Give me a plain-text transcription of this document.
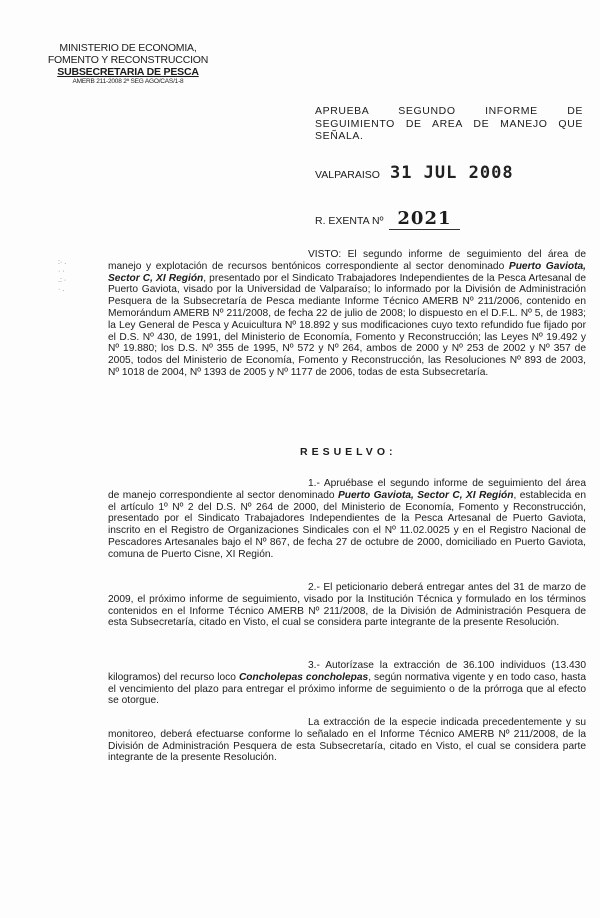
MINISTERIO DE ECONOMIA,
FOMENTO Y RECONSTRUCCION
SUBSECRETARIA DE PESCA
AMERB 211-2008 2ª SEG AGO/CAS/1-8
APRUEBA SEGUNDO INFORME DE SEGUIMIENTO DE AREA DE MANEJO QUE SEÑALA.
VALPARAISO 31 JUL 2008
R. EXENTA Nº 2021
:· .
· ·
.: ·
· .
VISTO: El segundo informe de seguimiento del área de manejo y explotación de recursos bentónicos correspondiente al sector denominado Puerto Gaviota, Sector C, XI Región, presentado por el Sindicato Trabajadores Independientes de la Pesca Artesanal de Puerto Gaviota, visado por la Universidad de Valparaíso; lo informado por la División de Administración Pesquera de la Subsecretaría de Pesca mediante Informe Técnico AMERB Nº 211/2006, contenido en Memorándum AMERB Nº 211/2008, de fecha 22 de julio de 2008; lo dispuesto en el D.F.L. Nº 5, de 1983; la Ley General de Pesca y Acuicultura Nº 18.892 y sus modificaciones cuyo texto refundido fue fijado por el D.S. Nº 430, de 1991, del Ministerio de Economía, Fomento y Reconstrucción; las Leyes Nº 19.492 y Nº 19.880; los D.S. Nº 355 de 1995, Nº 572 y Nº 264, ambos de 2000 y Nº 253 de 2002 y Nº 357 de 2005, todos del Ministerio de Economía, Fomento y Reconstrucción, las Resoluciones Nº 893 de 2003, Nº 1018 de 2004, Nº 1393 de 2005 y Nº 1177 de 2006, todas de esta Subsecretaría.
RESUELVO:
1.- Apruébase el segundo informe de seguimiento del área de manejo correspondiente al sector denominado Puerto Gaviota, Sector C, XI Región, establecida en el artículo 1º Nº 2 del D.S. Nº 264 de 2000, del Ministerio de Economía, Fomento y Reconstrucción, presentado por el Sindicato Trabajadores Independientes de la Pesca Artesanal de Puerto Gaviota, inscrito en el Registro de Organizaciones Sindicales con el Nº 11.02.0025 y en el Registro Nacional de Pescadores Artesanales bajo el Nº 867, de fecha 27 de octubre de 2000, domiciliado en Puerto Gaviota, comuna de Puerto Cisne, XI Región.
2.- El peticionario deberá entregar antes del 31 de marzo de 2009, el próximo informe de seguimiento, visado por la Institución Técnica y formulado en los términos contenidos en el Informe Técnico AMERB Nº 211/2008, de la División de Administración Pesquera de esta Subsecretaría, citado en Visto, el cual se considera parte integrante de la presente Resolución.
3.- Autorízase la extracción de 36.100 individuos (13.430 kilogramos) del recurso loco Concholepas concholepas, según normativa vigente y en todo caso, hasta el vencimiento del plazo para entregar el próximo informe de seguimiento o de la prórroga que al efecto se otorgue.
La extracción de la especie indicada precedentemente y su monitoreo, deberá efectuarse conforme lo señalado en el Informe Técnico AMERB Nº 211/2008, de la División de Administración Pesquera de esta Subsecretaría, citado en Visto, el cual se considera parte integrante de la presente Resolución.
